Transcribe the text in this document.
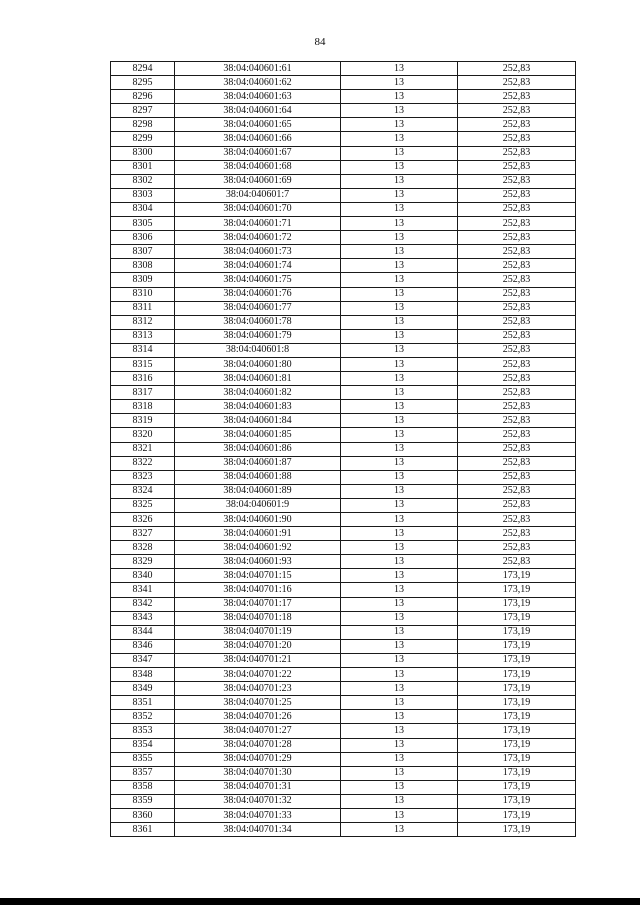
84
8294	38:04:040601:61	13	252,83
8295	38:04:040601:62	13	252,83
8296	38:04:040601:63	13	252,83
8297	38:04:040601:64	13	252,83
8298	38:04:040601:65	13	252,83
8299	38:04:040601:66	13	252,83
8300	38:04:040601:67	13	252,83
8301	38:04:040601:68	13	252,83
8302	38:04:040601:69	13	252,83
8303	38:04:040601:7	13	252,83
8304	38:04:040601:70	13	252,83
8305	38:04:040601:71	13	252,83
8306	38:04:040601:72	13	252,83
8307	38:04:040601:73	13	252,83
8308	38:04:040601:74	13	252,83
8309	38:04:040601:75	13	252,83
8310	38:04:040601:76	13	252,83
8311	38:04:040601:77	13	252,83
8312	38:04:040601:78	13	252,83
8313	38:04:040601:79	13	252,83
8314	38:04:040601:8	13	252,83
8315	38:04:040601:80	13	252,83
8316	38:04:040601:81	13	252,83
8317	38:04:040601:82	13	252,83
8318	38:04:040601:83	13	252,83
8319	38:04:040601:84	13	252,83
8320	38:04:040601:85	13	252,83
8321	38:04:040601:86	13	252,83
8322	38:04:040601:87	13	252,83
8323	38:04:040601:88	13	252,83
8324	38:04:040601:89	13	252,83
8325	38:04:040601:9	13	252,83
8326	38:04:040601:90	13	252,83
8327	38:04:040601:91	13	252,83
8328	38:04:040601:92	13	252,83
8329	38:04:040601:93	13	252,83
8340	38:04:040701:15	13	173,19
8341	38:04:040701:16	13	173,19
8342	38:04:040701:17	13	173,19
8343	38:04:040701:18	13	173,19
8344	38:04:040701:19	13	173,19
8346	38:04:040701:20	13	173,19
8347	38:04:040701:21	13	173,19
8348	38:04:040701:22	13	173,19
8349	38:04:040701:23	13	173,19
8351	38:04:040701:25	13	173,19
8352	38:04:040701:26	13	173,19
8353	38:04:040701:27	13	173,19
8354	38:04:040701:28	13	173,19
8355	38:04:040701:29	13	173,19
8357	38:04:040701:30	13	173,19
8358	38:04:040701:31	13	173,19
8359	38:04:040701:32	13	173,19
8360	38:04:040701:33	13	173,19
8361	38:04:040701:34	13	173,19
